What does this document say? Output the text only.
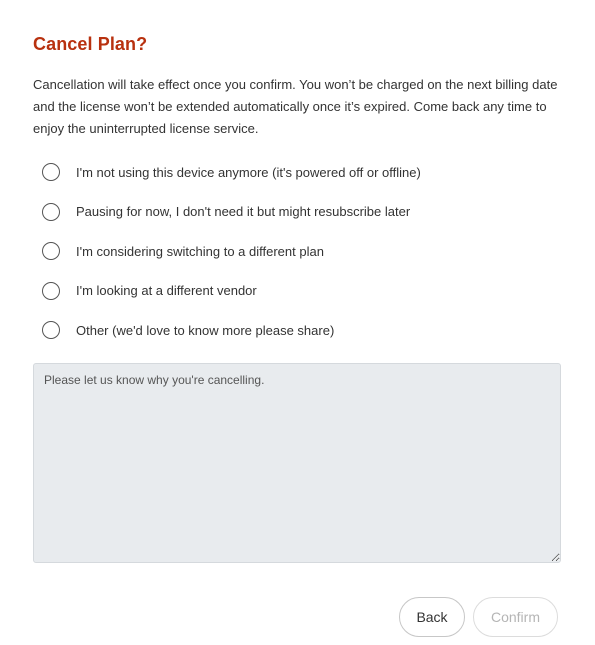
Cancel Plan?

Cancellation will take effect once you confirm. You won’t be charged on the next billing date and the license won’t be extended automatically once it’s expired. Come back any time to enjoy the uninterrupted license service.

I'm not using this device anymore (it's powered off or offline)
Pausing for now, I don't need it but might resubscribe later
I'm considering switching to a different plan
I'm looking at a different vendor
Other (we'd love to know more please share)
Please let us know why you're cancelling.
Back	Confirm
